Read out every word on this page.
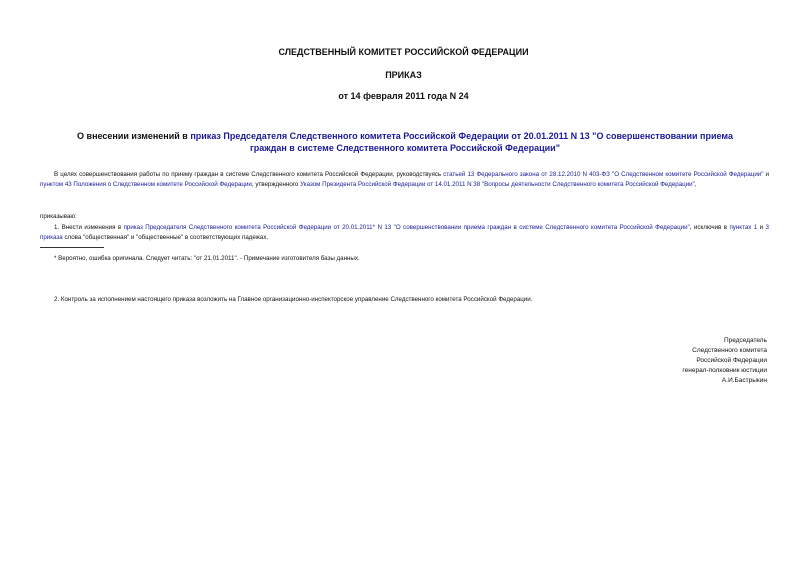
СЛЕДСТВЕННЫЙ КОМИТЕТ РОССИЙСКОЙ ФЕДЕРАЦИИ
ПРИКАЗ
от 14 февраля 2011 года N 24
О внесении изменений в приказ Председателя Следственного комитета Российской Федерации от 20.01.2011 N 13 "О совершенствовании приема граждан в системе Следственного комитета Российской Федерации"
В целях совершенствования работы по приему граждан в системе Следственного комитета Российской Федерации, руководствуясь статьей 13 Федерального закона от 28.12.2010 N 403-ФЗ "О Следственном комитете Российской Федерации" и пунктом 43 Положения о Следственном комитете Российской Федерации, утвержденного Указом Президента Российской Федерации от 14.01.2011 N 38 "Вопросы деятельности Следственного комитета Российской Федерации",
приказываю:
1. Внести изменения в приказ Председателя Следственного комитета Российской Федерации от 20.01.2011* N 13 "О совершенствовании приема граждан в системе Следственного комитета Российской Федерации", исключив в пунктах 1 и 3 приказа слова "общественная" и "общественные" в соответствующих падежах.
* Вероятно, ошибка оригинала. Следует читать: "от 21.01.2011". - Примечание изготовителя базы данных.
2. Контроль за исполнением настоящего приказа возложить на Главное организационно-инспекторское управление Следственного комитета Российской Федерации.
Председатель
Следственного комитета
Российской Федерации
генерал-полковник юстиции
А.И.Бастрыкин
